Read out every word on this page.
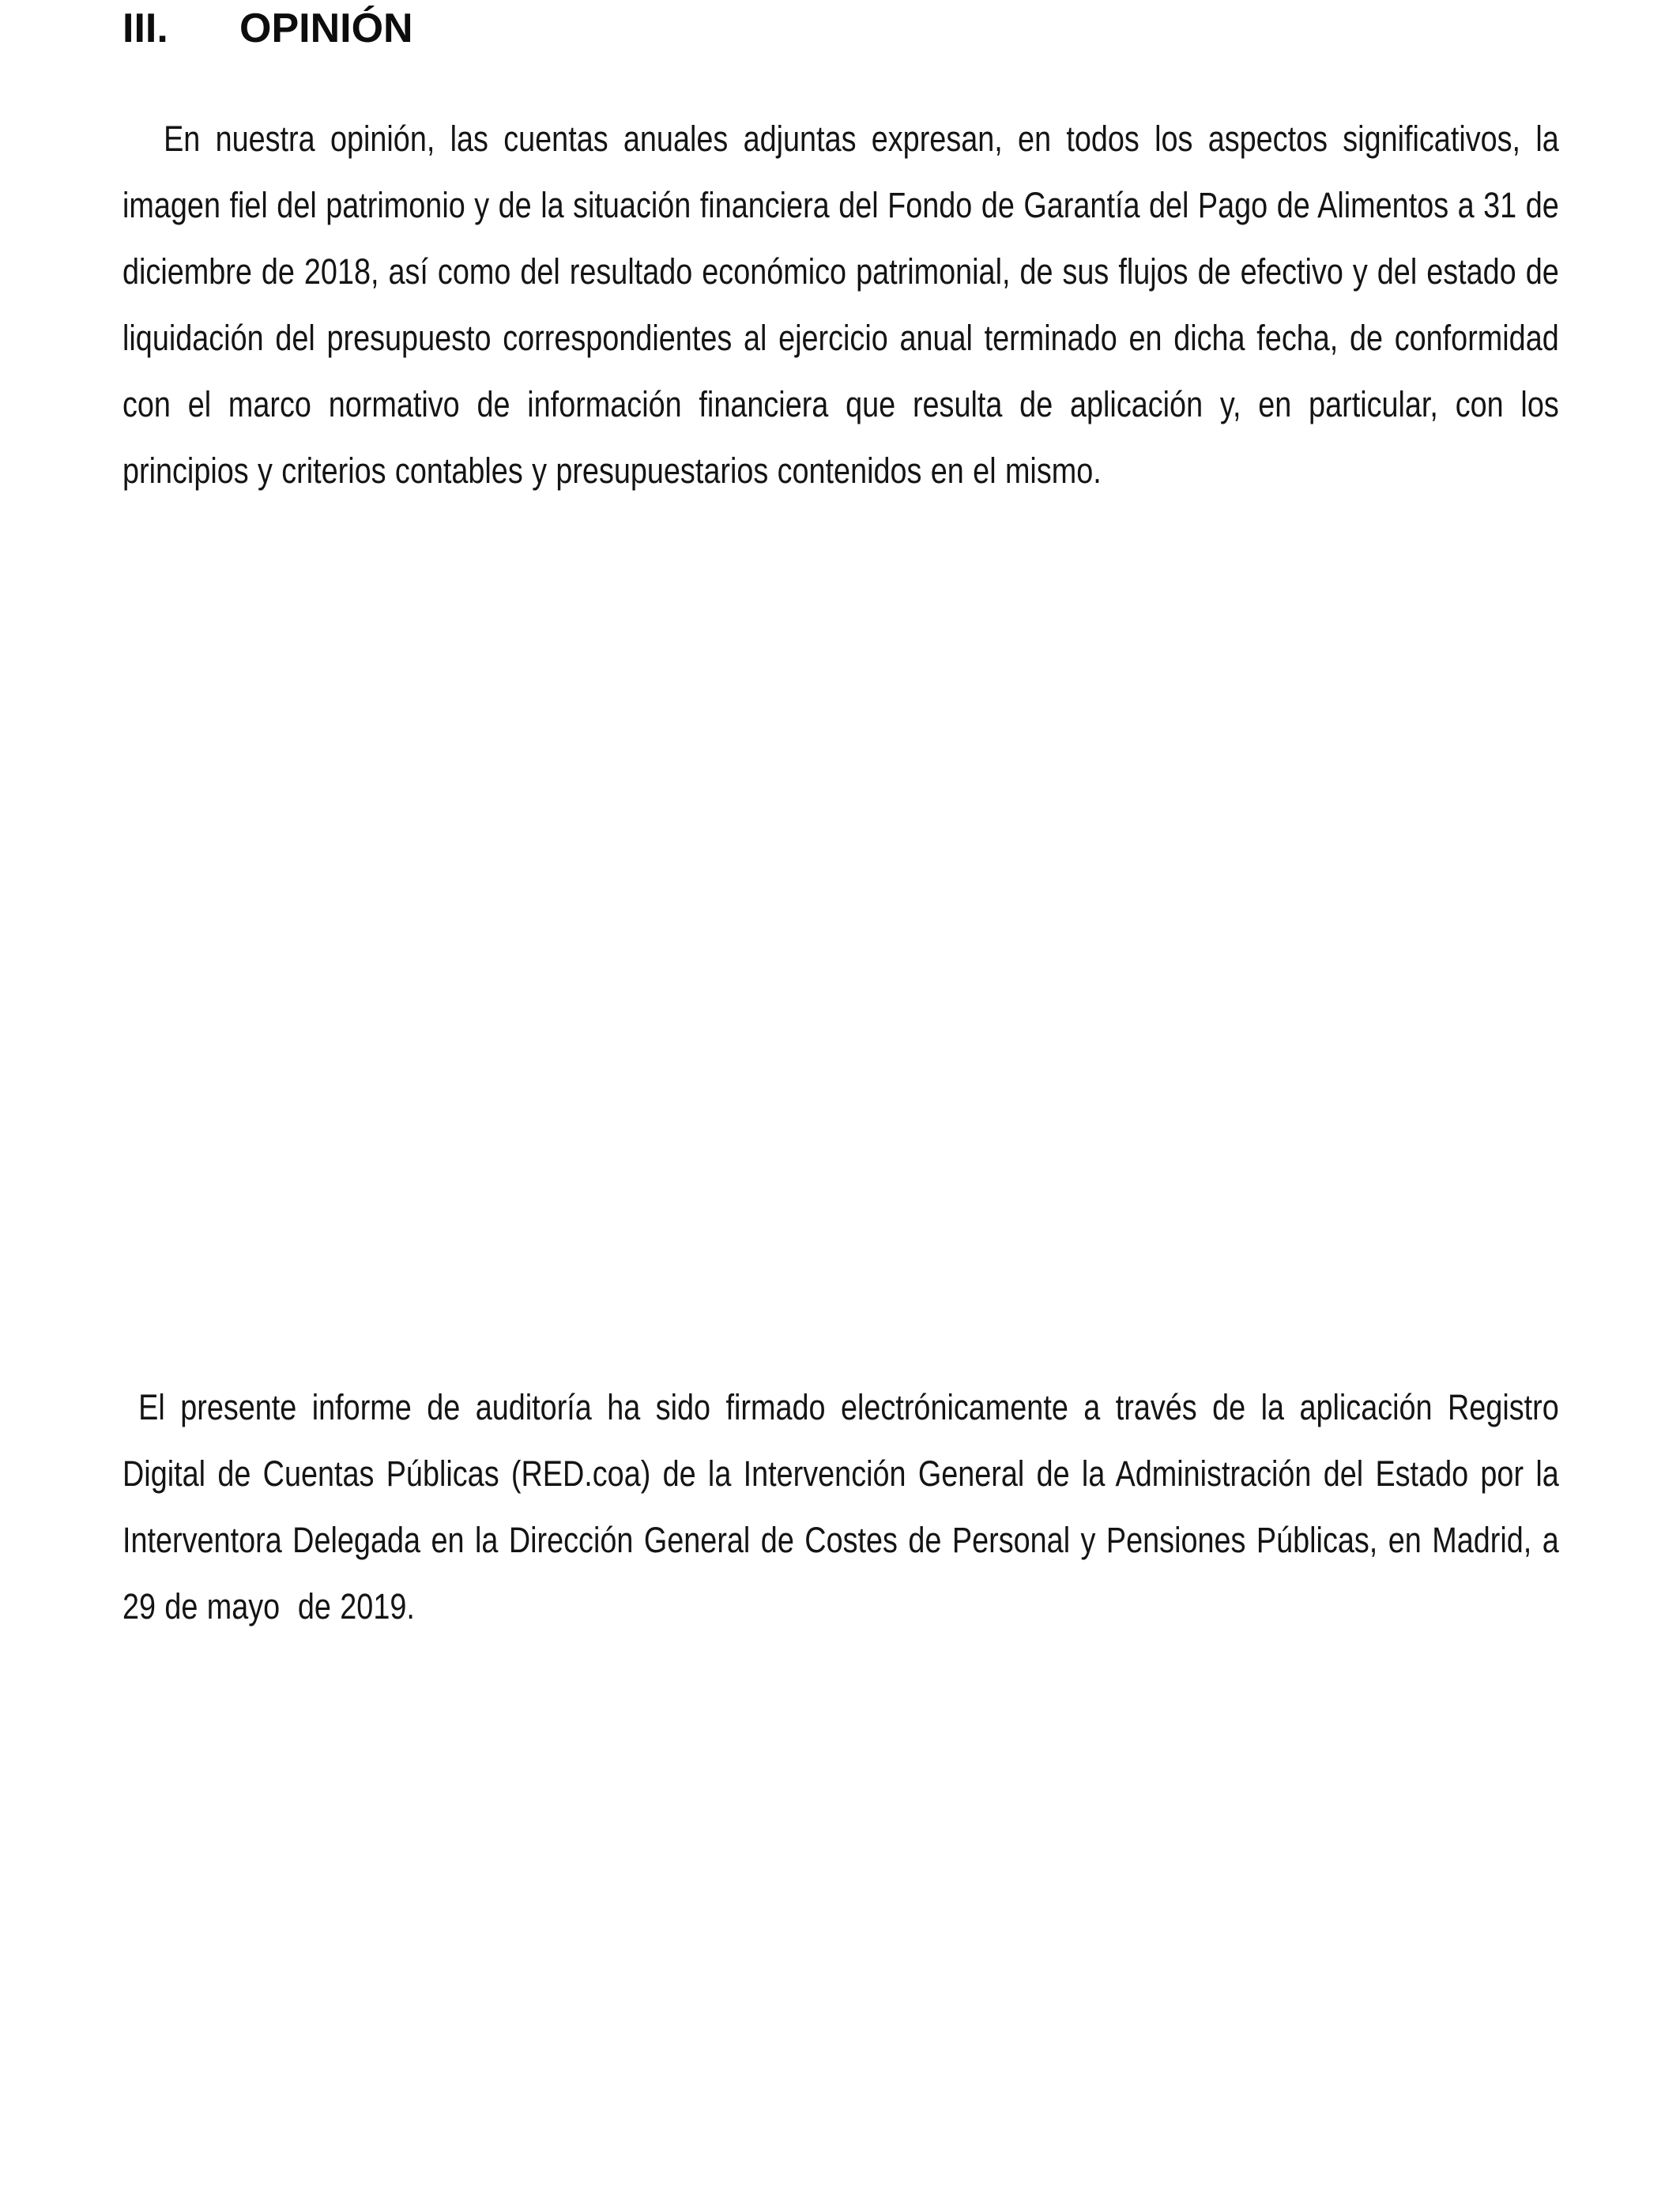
III.	OPINIÓN

En nuestra opinión, las cuentas anuales adjuntas expresan, en todos los aspectos significativos, la imagen fiel del patrimonio y de la situación financiera del Fondo de Garantía del Pago de Alimentos a 31 de diciembre de 2018, así como del resultado económico patrimonial, de sus flujos de efectivo y del estado de liquidación del presupuesto correspondientes al ejercicio anual terminado en dicha fecha, de conformidad con el marco normativo de información financiera que resulta de aplicación y, en particular, con los principios y criterios contables y presupuestarios contenidos en el mismo.

El presente informe de auditoría ha sido firmado electrónicamente a través de la aplicación Registro Digital de Cuentas Públicas (RED.coa) de la Intervención General de la Administración del Estado por la Interventora Delegada en la Dirección General de Costes de Personal y Pensiones Públicas, en Madrid, a 29 de mayo  de 2019.
